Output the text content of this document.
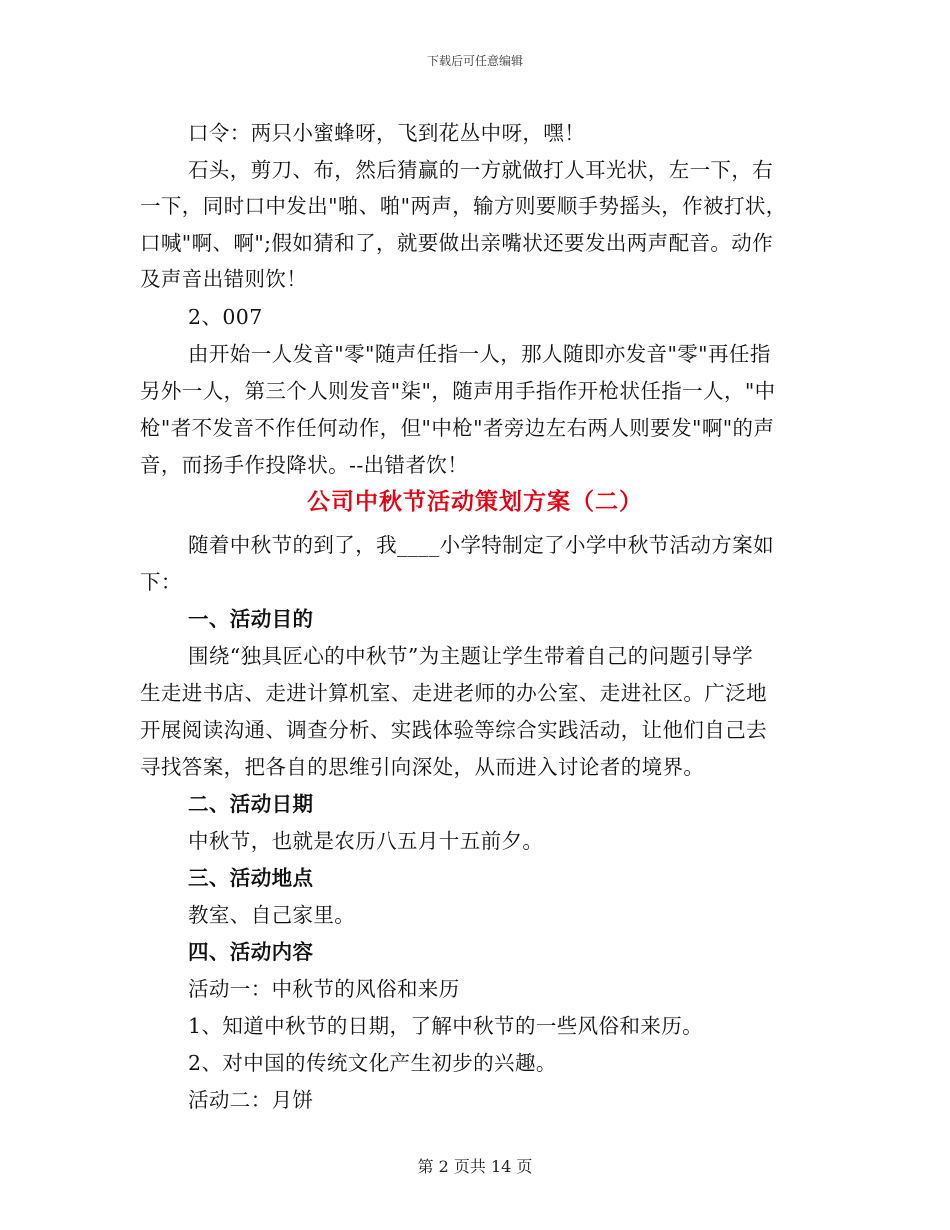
下载后可任意编辑
口令：两只小蜜蜂呀，飞到花丛中呀，嘿！
石头，剪刀、布，然后猜赢的一方就做打人耳光状，左一下，右
一下，同时口中发出"啪、啪"两声，输方则要顺手势摇头，作被打状，
口喊"啊、啊";假如猜和了，就要做出亲嘴状还要发出两声配音。动作
及声音出错则饮！
2、007
由开始一人发音"零"随声任指一人，那人随即亦发音"零"再任指
另外一人，第三个人则发音"柒"，随声用手指作开枪状任指一人，"中
枪"者不发音不作任何动作，但"中枪"者旁边左右两人则要发"啊"的声
音，而扬手作投降状。--出错者饮！
公司中秋节活动策划方案（二）
随着中秋节的到了，我____小学特制定了小学中秋节活动方案如
下：
一、活动目的
围绕“独具匠心的中秋节”为主题让学生带着自己的问题引导学
生走进书店、走进计算机室、走进老师的办公室、走进社区。广泛地
开展阅读沟通、调查分析、实践体验等综合实践活动，让他们自己去
寻找答案，把各自的思维引向深处，从而进入讨论者的境界。
二、活动日期
中秋节，也就是农历八五月十五前夕。
三、活动地点
教室、自己家里。
四、活动内容
活动一：中秋节的风俗和来历
1、知道中秋节的日期，了解中秋节的一些风俗和来历。
2、对中国的传统文化产生初步的兴趣。
活动二：月饼
第 2 页共 14 页
